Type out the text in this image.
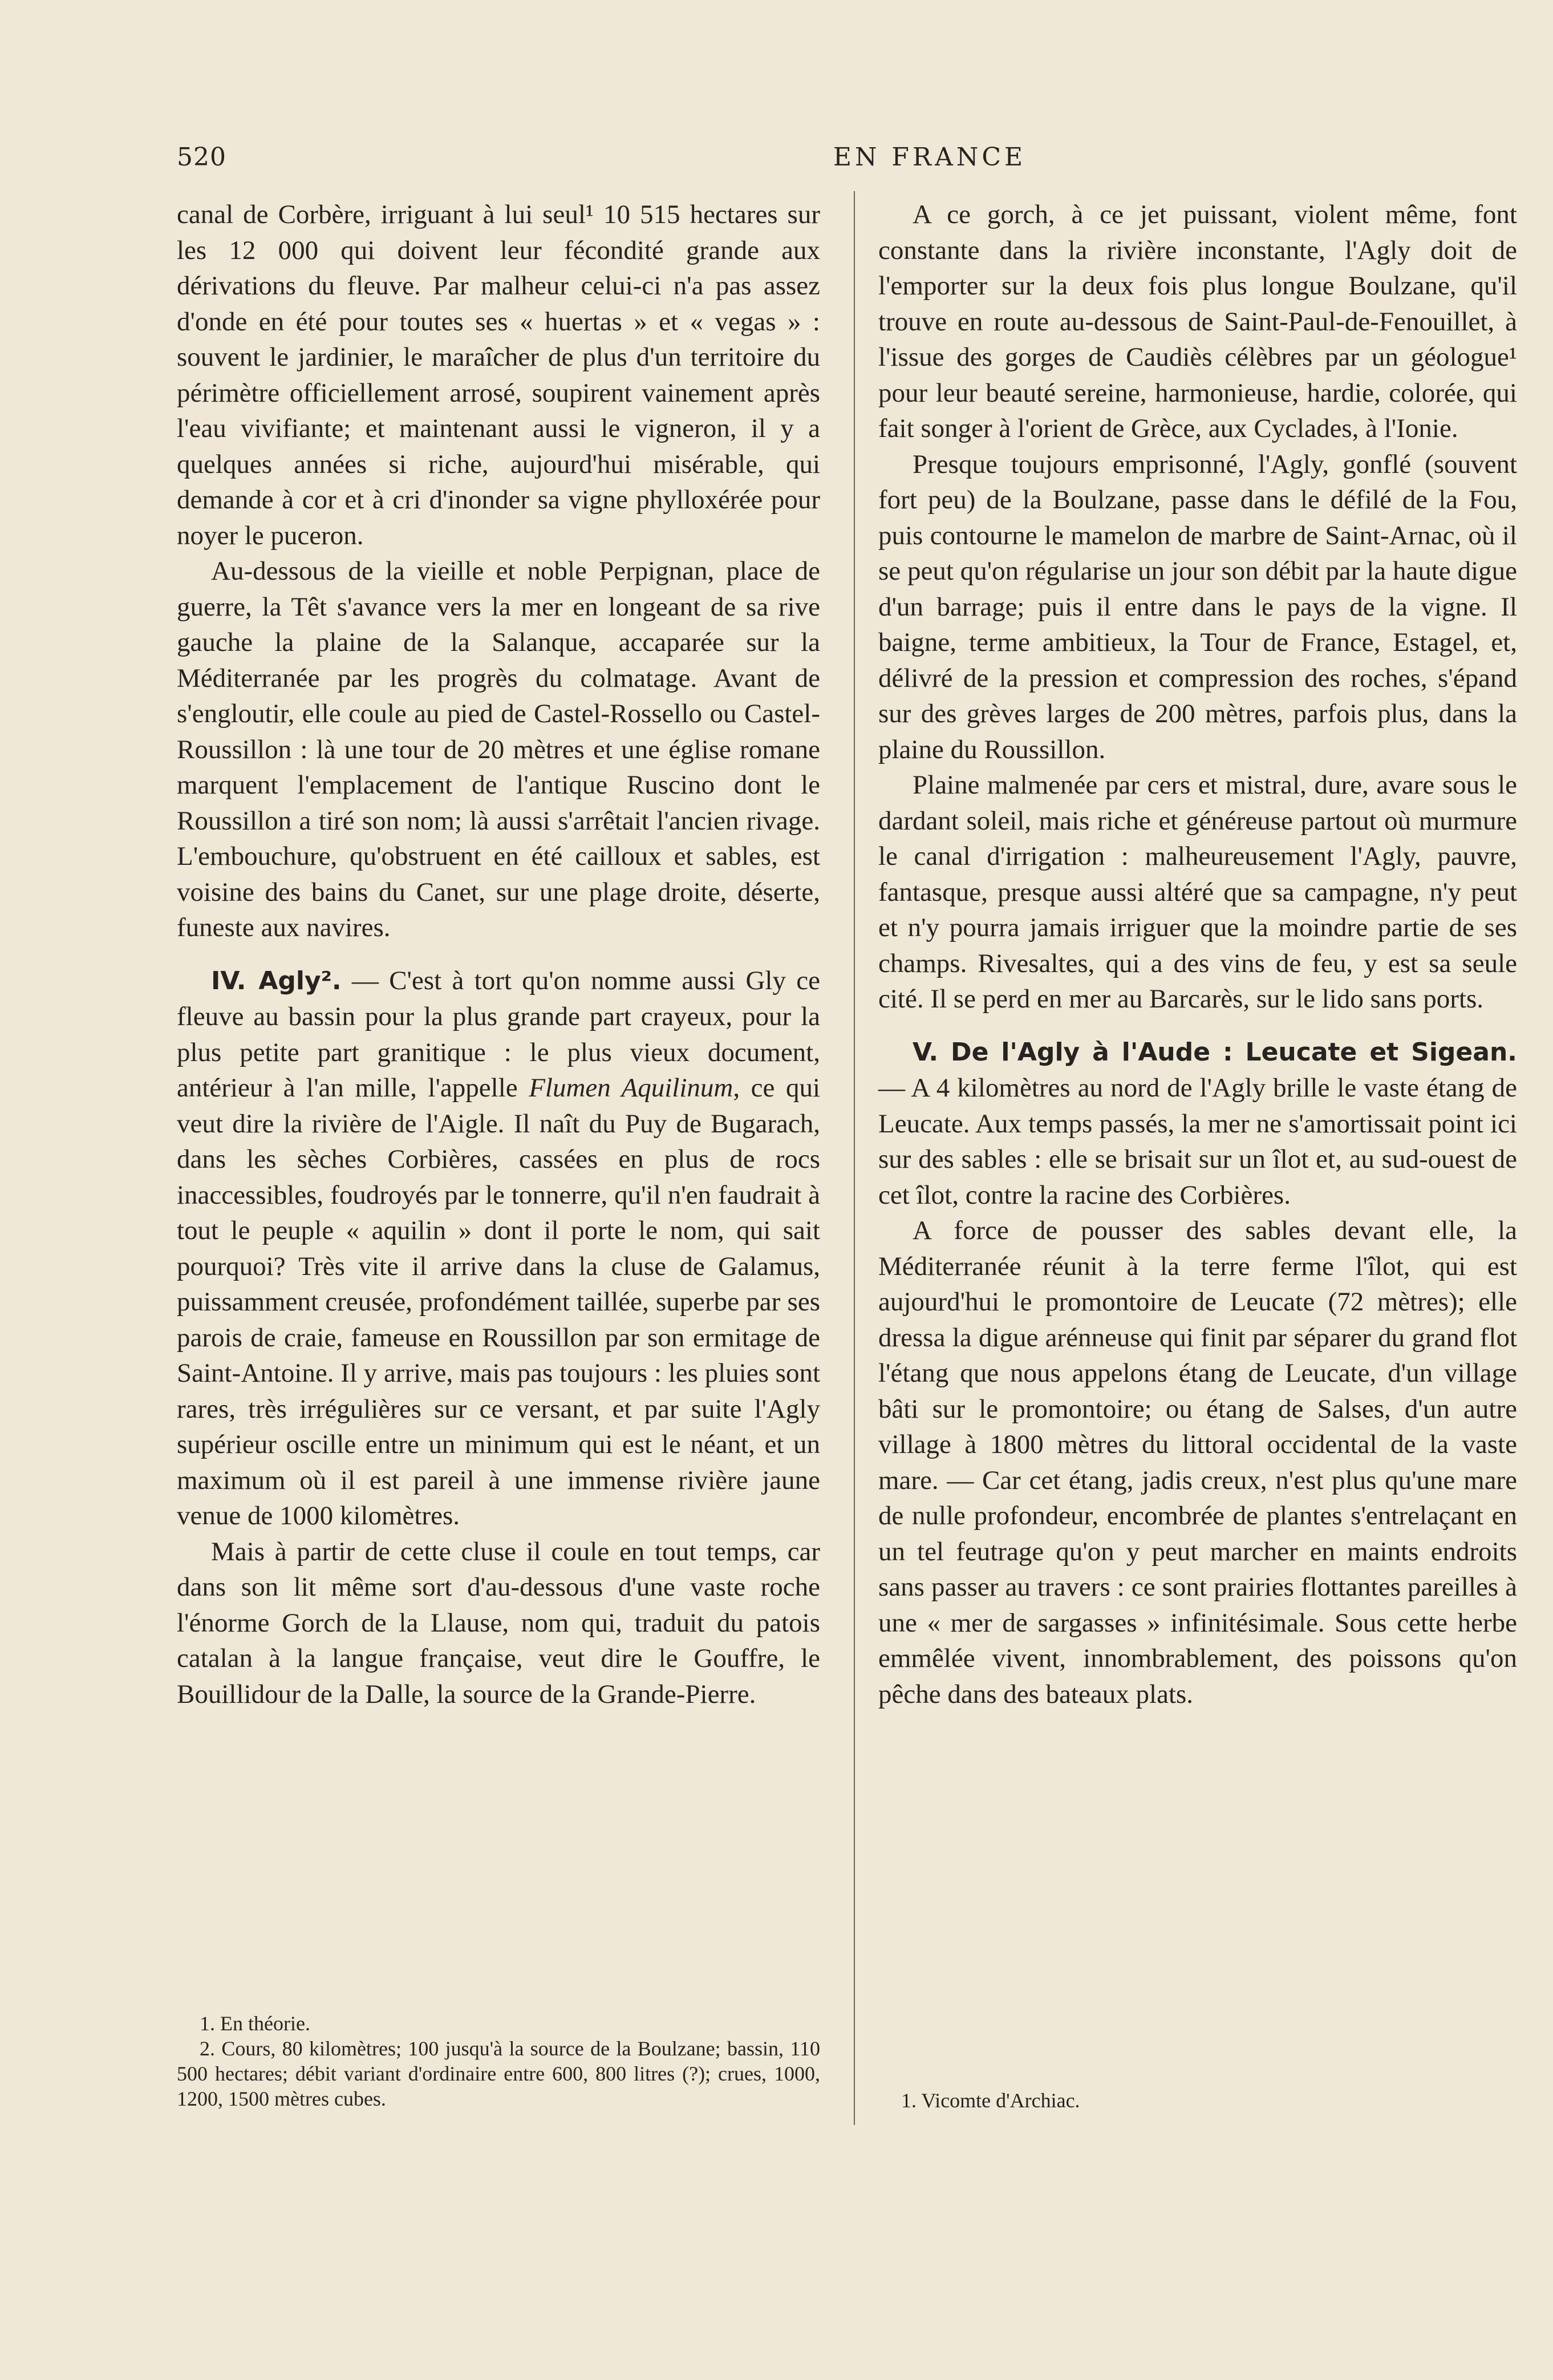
520	EN FRANCE

canal de Corbère, irriguant à lui seul¹ 10 515 hectares sur les 12 000 qui doivent leur fécondité grande aux dérivations du fleuve. Par malheur celui-ci n'a pas assez d'onde en été pour toutes ses « huertas » et « vegas » : souvent le jardinier, le maraîcher de plus d'un territoire du périmètre officiellement arrosé, soupirent vainement après l'eau vivifiante; et maintenant aussi le vigneron, il y a quelques années si riche, aujourd'hui misérable, qui demande à cor et à cri d'inonder sa vigne phylloxérée pour noyer le puceron.

Au-dessous de la vieille et noble Perpignan, place de guerre, la Têt s'avance vers la mer en longeant de sa rive gauche la plaine de la Salanque, accaparée sur la Méditerranée par les progrès du colmatage. Avant de s'engloutir, elle coule au pied de Castel-Rossello ou Castel-Roussillon : là une tour de 20 mètres et une église romane marquent l'emplacement de l'antique Ruscino dont le Roussillon a tiré son nom; là aussi s'arrêtait l'ancien rivage. L'embouchure, qu'obstruent en été cailloux et sables, est voisine des bains du Canet, sur une plage droite, déserte, funeste aux navires.

IV. Agly². — C'est à tort qu'on nomme aussi Gly ce fleuve au bassin pour la plus grande part crayeux, pour la plus petite part granitique : le plus vieux document, antérieur à l'an mille, l'appelle Flumen Aquilinum, ce qui veut dire la rivière de l'Aigle. Il naît du Puy de Bugarach, dans les sèches Corbières, cassées en plus de rocs inaccessibles, foudroyés par le tonnerre, qu'il n'en faudrait à tout le peuple « aquilin » dont il porte le nom, qui sait pourquoi? Très vite il arrive dans la cluse de Galamus, puissamment creusée, profondément taillée, superbe par ses parois de craie, fameuse en Roussillon par son ermitage de Saint-Antoine. Il y arrive, mais pas toujours : les pluies sont rares, très irrégulières sur ce versant, et par suite l'Agly supérieur oscille entre un minimum qui est le néant, et un maximum où il est pareil à une immense rivière jaune venue de 1000 kilomètres.

Mais à partir de cette cluse il coule en tout temps, car dans son lit même sort d'au-dessous d'une vaste roche l'énorme Gorch de la Llause, nom qui, traduit du patois catalan à la langue française, veut dire le Gouffre, le Bouillidour de la Dalle, la source de la Grande-Pierre.

1. En théorie.

2. Cours, 80 kilomètres; 100 jusqu'à la source de la Boulzane; bassin, 110 500 hectares; débit variant d'ordinaire entre 600, 800 litres (?); crues, 1000, 1200, 1500 mètres cubes.

A ce gorch, à ce jet puissant, violent même, font constante dans la rivière inconstante, l'Agly doit de l'emporter sur la deux fois plus longue Boulzane, qu'il trouve en route au-dessous de Saint-Paul-de-Fenouillet, à l'issue des gorges de Caudiès célèbres par un géologue¹ pour leur beauté sereine, harmonieuse, hardie, colorée, qui fait songer à l'orient de Grèce, aux Cyclades, à l'Ionie.

Presque toujours emprisonné, l'Agly, gonflé (souvent fort peu) de la Boulzane, passe dans le défilé de la Fou, puis contourne le mamelon de marbre de Saint-Arnac, où il se peut qu'on régularise un jour son débit par la haute digue d'un barrage; puis il entre dans le pays de la vigne. Il baigne, terme ambitieux, la Tour de France, Estagel, et, délivré de la pression et compression des roches, s'épand sur des grèves larges de 200 mètres, parfois plus, dans la plaine du Roussillon.

Plaine malmenée par cers et mistral, dure, avare sous le dardant soleil, mais riche et généreuse partout où murmure le canal d'irrigation : malheureusement l'Agly, pauvre, fantasque, presque aussi altéré que sa campagne, n'y peut et n'y pourra jamais irriguer que la moindre partie de ses champs. Rivesaltes, qui a des vins de feu, y est sa seule cité. Il se perd en mer au Barcarès, sur le lido sans ports.

V. De l'Agly à l'Aude : Leucate et Sigean. — A 4 kilomètres au nord de l'Agly brille le vaste étang de Leucate. Aux temps passés, la mer ne s'amortissait point ici sur des sables : elle se brisait sur un îlot et, au sud-ouest de cet îlot, contre la racine des Corbières.

A force de pousser des sables devant elle, la Méditerranée réunit à la terre ferme l'îlot, qui est aujourd'hui le promontoire de Leucate (72 mètres); elle dressa la digue arénneuse qui finit par séparer du grand flot l'étang que nous appelons étang de Leucate, d'un village bâti sur le promontoire; ou étang de Salses, d'un autre village à 1800 mètres du littoral occidental de la vaste mare. — Car cet étang, jadis creux, n'est plus qu'une mare de nulle profondeur, encombrée de plantes s'entrelaçant en un tel feutrage qu'on y peut marcher en maints endroits sans passer au travers : ce sont prairies flottantes pareilles à une « mer de sargasses » infinitésimale. Sous cette herbe emmêlée vivent, innombrablement, des poissons qu'on pêche dans des bateaux plats.

1. Vicomte d'Archiac.
